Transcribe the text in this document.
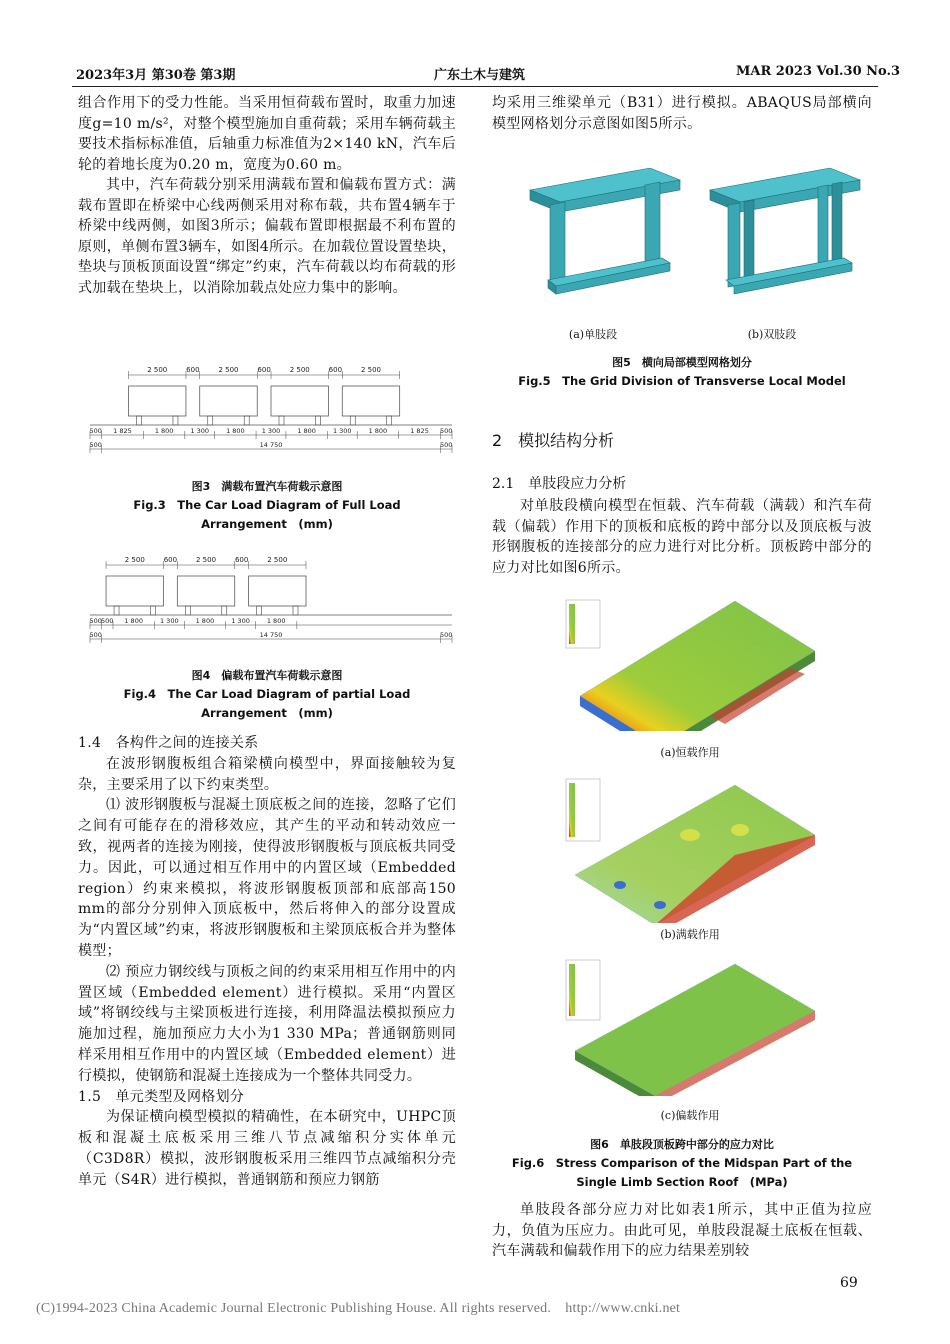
2023年3月 第30卷 第3期	广东土木与建筑	MAR 2023 Vol.30 No.3

组合作用下的受力性能。当采用恒荷载布置时，取重力加速度g=10 m/s²，对整个模型施加自重荷载；采用车辆荷载主要技术指标标准值，后轴重力标准值为2×140 kN，汽车后轮的着地长度为0.20 m，宽度为0.60 m。

其中，汽车荷载分别采用满载布置和偏载布置方式：满载布置即在桥梁中心线两侧采用对称布载，共布置4辆车于桥梁中线两侧，如图3所示；偏载布置即根据最不利布置的原则，单侧布置3辆车，如图4所示。在加载位置设置垫块，垫块与顶板顶面设置“绑定”约束，汽车荷载以均布荷载的形式加载在垫块上，以消除加载点处应力集中的影响。

2 500	600	2 500	600	2 500	600	2 500
500 1 825	1 800	1 300	1 800	1 300	1 800	1 300	1 800	1 825 500
500	14 750	500
图3　满载布置汽车荷载示意图
Fig.3　The Car Load Diagram of Full Load
Arrangement　(mm)
2 500	600	2 500	600	2 500
500 500 1 800	1 300	1 800	1 300	1 800
500	14 750	500
图4　偏载布置汽车荷载示意图
Fig.4　The Car Load Diagram of partial Load
Arrangement　(mm)

1.4　各构件之间的连接关系

在波形钢腹板组合箱梁横向模型中，界面接触较为复杂，主要采用了以下约束类型。

⑴ 波形钢腹板与混凝土顶底板之间的连接，忽略了它们之间有可能存在的滑移效应，其产生的平动和转动效应一致，视两者的连接为刚接，使得波形钢腹板与顶底板共同受力。因此，可以通过相互作用中的内置区域（Embedded region）约束来模拟，将波形钢腹板顶部和底部高150 mm的部分分别伸入顶底板中，然后将伸入的部分设置成为“内置区域”约束，将波形钢腹板和主梁顶底板合并为整体模型；

⑵ 预应力钢绞线与顶板之间的约束采用相互作用中的内置区域（Embedded element）进行模拟。采用“内置区域”将钢绞线与主梁顶板进行连接，利用降温法模拟预应力施加过程，施加预应力大小为1 330 MPa；普通钢筋则同样采用相互作用中的内置区域（Embedded element）进行模拟，使钢筋和混凝土连接成为一个整体共同受力。

1.5　单元类型及网格划分

为保证横向模型模拟的精确性，在本研究中，UHPC顶板和混凝土底板采用三维八节点减缩积分实体单元（C3D8R）模拟，波形钢腹板采用三维四节点减缩积分壳单元（S4R）进行模拟，普通钢筋和预应力钢筋

均采用三维梁单元（B31）进行模拟。ABAQUS局部横向模型网格划分示意图如图5所示。

(a)单肢段	(b)双肢段
图5　横向局部模型网格划分
Fig.5　The Grid Division of Transverse Local Model
2　模拟结构分析
2.1　单肢段应力分析

对单肢段横向模型在恒载、汽车荷载（满载）和汽车荷载（偏载）作用下的顶板和底板的跨中部分以及顶底板与波形钢腹板的连接部分的应力进行对比分析。顶板跨中部分的应力对比如图6所示。

(a)恒载作用
(b)满载作用
(c)偏载作用
图6　单肢段顶板跨中部分的应力对比
Fig.6　Stress Comparison of the Midspan Part of the
Single Limb Section Roof　(MPa)

单肢段各部分应力对比如表1所示，其中正值为拉应力，负值为压应力。由此可见，单肢段混凝土底板在恒载、汽车满载和偏载作用下的应力结果差别较

69
(C)1994-2023 China Academic Journal Electronic Publishing House. All rights reserved.　http://www.cnki.net
